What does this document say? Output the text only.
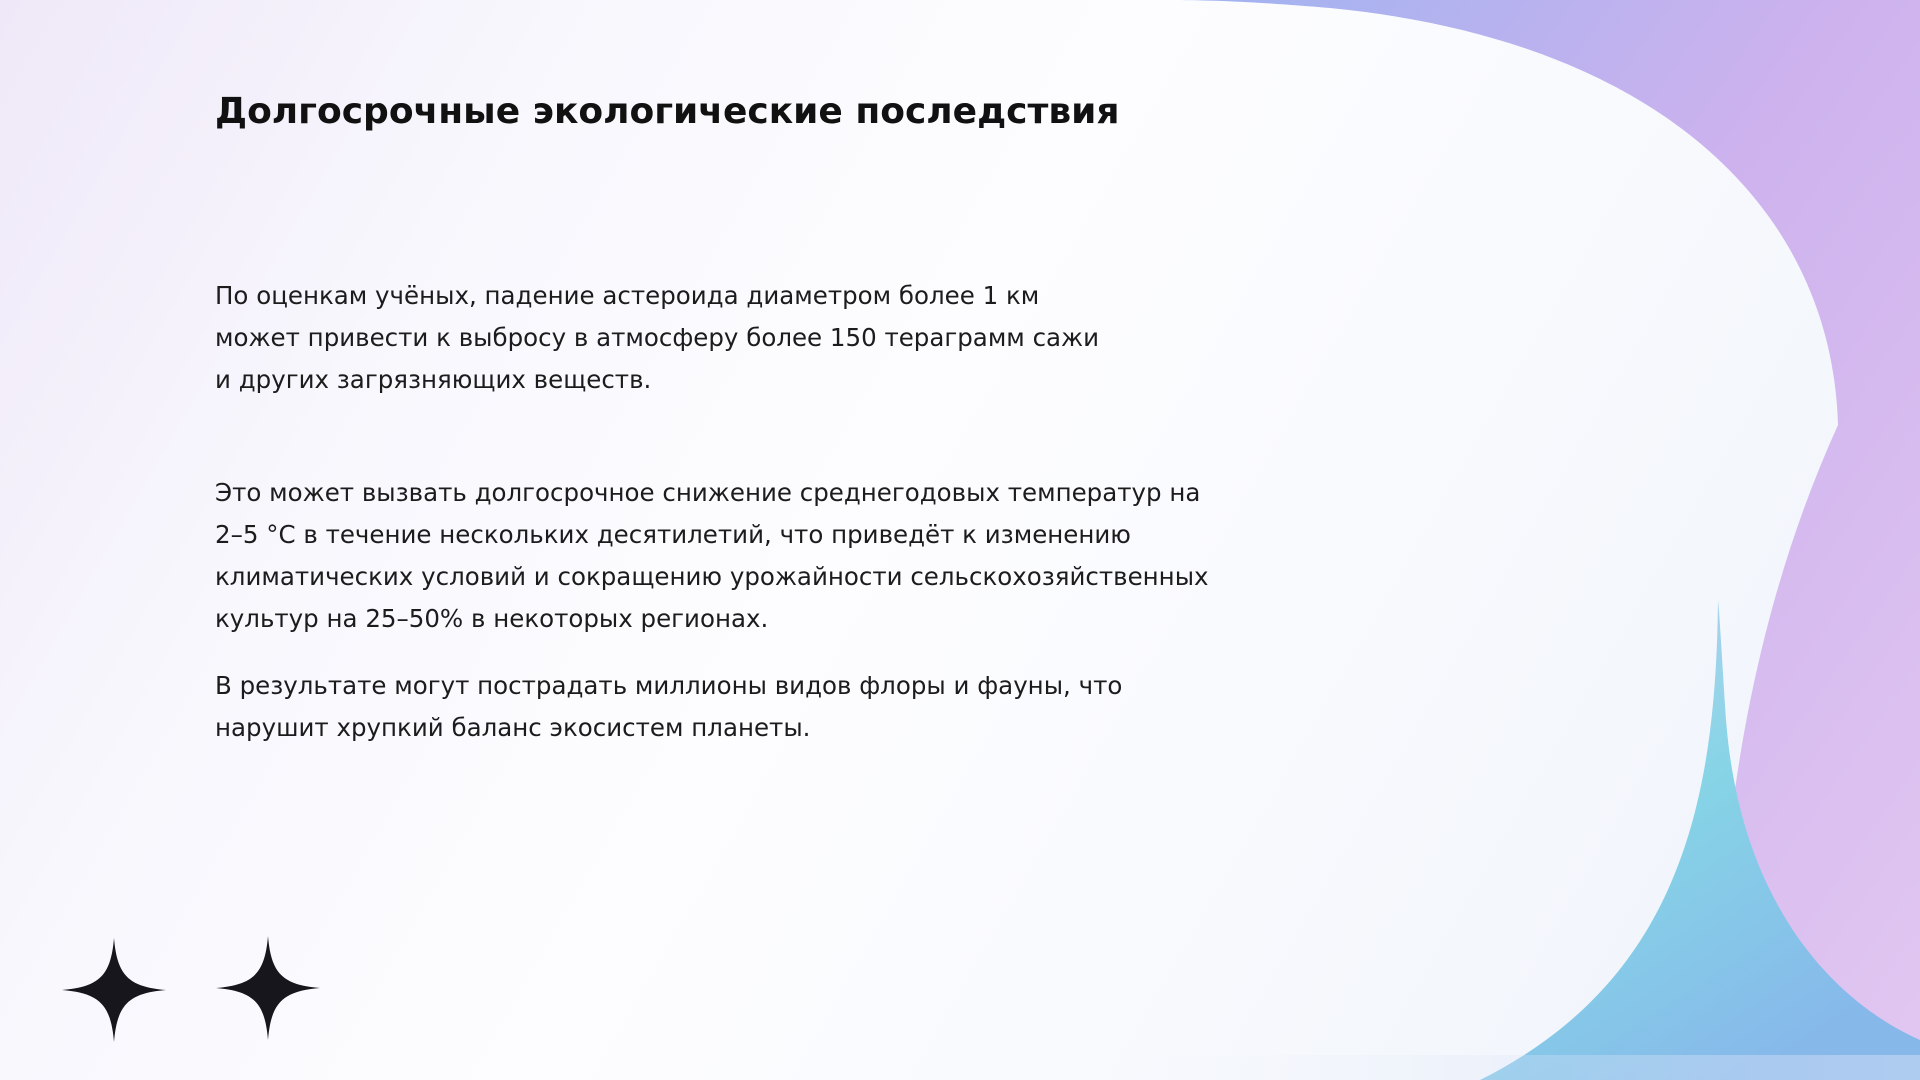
Долгосрочные экологические последствия

По оценкам учёных, падение астероида диаметром более 1 км может привести к выбросу в атмосферу более 150 тераграмм сажи и других загрязняющих веществ.

Это может вызвать долгосрочное снижение среднегодовых температур на 2–5 °C в течение нескольких десятилетий, что приведёт к изменению климатических условий и сокращению урожайности сельскохозяйственных культур на 25–50% в некоторых регионах.

В результате могут пострадать миллионы видов флоры и фауны, что нарушит хрупкий баланс экосистем планеты.
